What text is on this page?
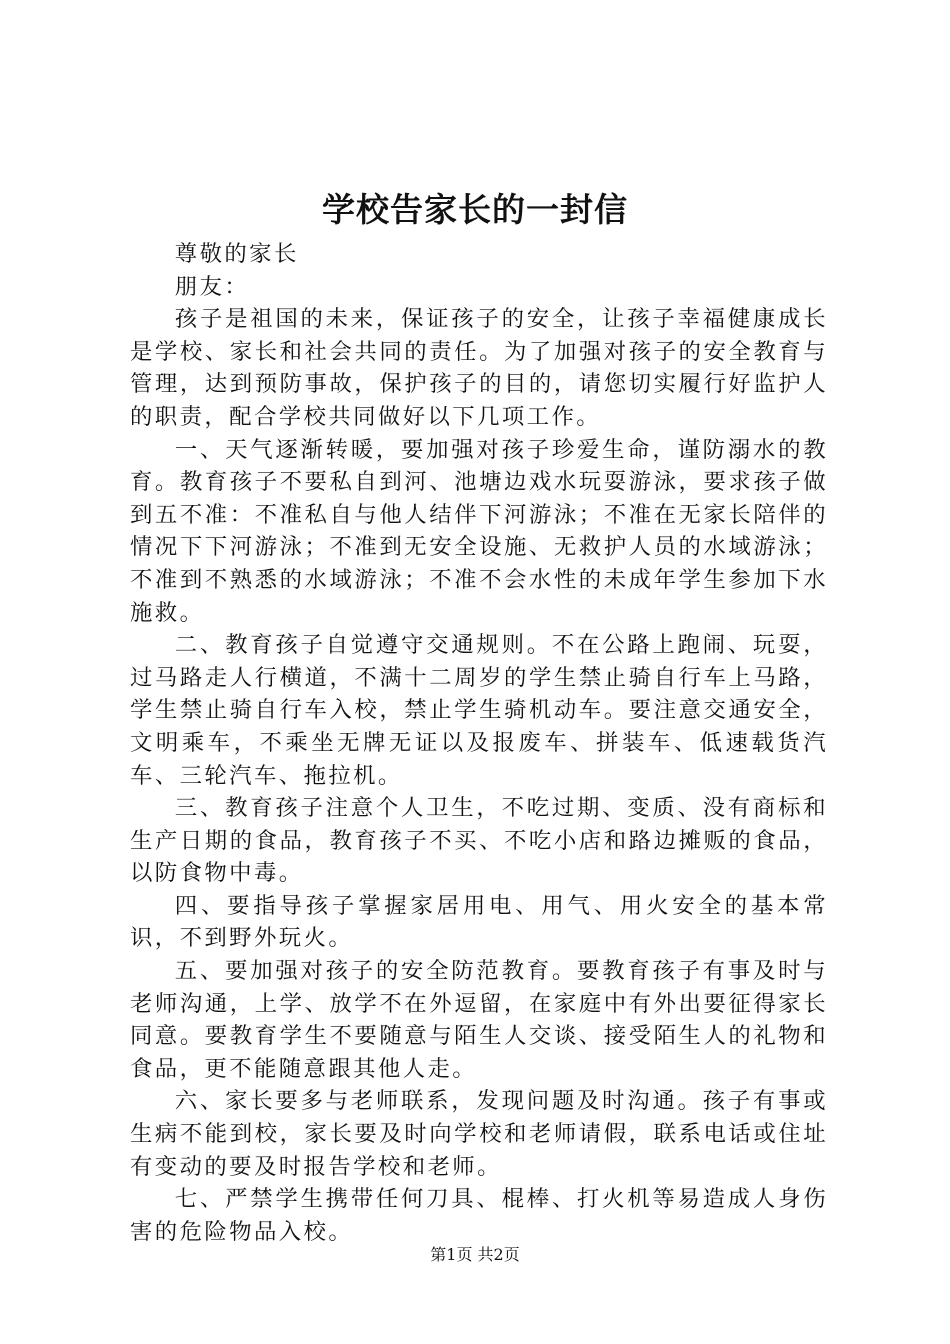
学校告家长的一封信

尊敬的家长

朋友：

孩子是祖国的未来，保证孩子的安全，让孩子幸福健康成长是学校、家长和社会共同的责任。为了加强对孩子的安全教育与管理，达到预防事故，保护孩子的目的，请您切实履行好监护人的职责，配合学校共同做好以下几项工作。

一、天气逐渐转暖，要加强对孩子珍爱生命，谨防溺水的教育。教育孩子不要私自到河、池塘边戏水玩耍游泳，要求孩子做到五不准：不准私自与他人结伴下河游泳；不准在无家长陪伴的情况下下河游泳；不准到无安全设施、无救护人员的水域游泳；不准到不熟悉的水域游泳；不准不会水性的未成年学生参加下水施救。

二、教育孩子自觉遵守交通规则。不在公路上跑闹、玩耍，过马路走人行横道，不满十二周岁的学生禁止骑自行车上马路，学生禁止骑自行车入校，禁止学生骑机动车。要注意交通安全，文明乘车，不乘坐无牌无证以及报废车、拼装车、低速载货汽车、三轮汽车、拖拉机。

三、教育孩子注意个人卫生，不吃过期、变质、没有商标和生产日期的食品，教育孩子不买、不吃小店和路边摊贩的食品，以防食物中毒。

四、要指导孩子掌握家居用电、用气、用火安全的基本常识，不到野外玩火。

五、要加强对孩子的安全防范教育。要教育孩子有事及时与老师沟通，上学、放学不在外逗留，在家庭中有外出要征得家长同意。要教育学生不要随意与陌生人交谈、接受陌生人的礼物和食品，更不能随意跟其他人走。

六、家长要多与老师联系，发现问题及时沟通。孩子有事或生病不能到校，家长要及时向学校和老师请假，联系电话或住址有变动的要及时报告学校和老师。

七、严禁学生携带任何刀具、棍棒、打火机等易造成人身伤害的危险物品入校。

第1页 共2页
